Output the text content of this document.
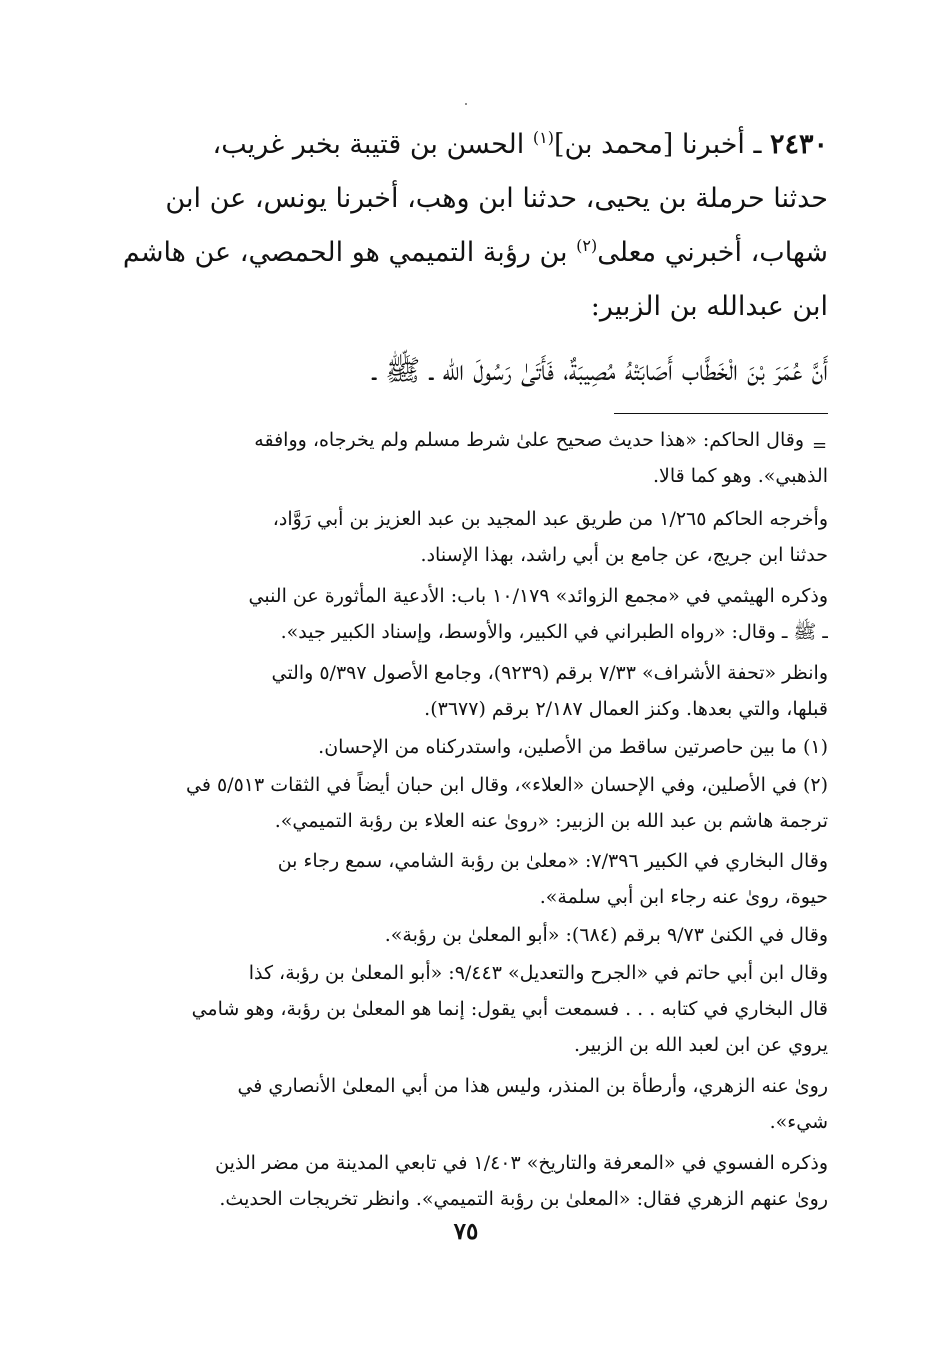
٢٤٣٠ ـ أخبرنا [محمد بن]$^{(١)}$ الحسن بن قتيبة بخبر غريب،
حدثنا حرملة بن يحيى، حدثنا ابن وهب، أخبرنا يونس، عن ابن
شهاب، أخبرني معلى$^{(٢)}$ بن رؤبة التميمي هو الحمصي، عن هاشم
ابن عبدالله بن الزبير:
أَنَّ عُمَرَ بْنَ الْخَطَّاب أَصَابَتْهُ مُصِيبَةٌ، فَأَتَىٰ رَسُولَ الله ـ ﷺ ـ
=
وقال الحاكم: «هذا حديث صحيح علىٰ شرط مسلم ولم يخرجاه، ووافقه
الذهبي». وهو كما قالا.
وأخرجه الحاكم ١/٢٦٥ من طريق عبد المجيد بن عبد العزيز بن أبي رَوَّاد،
حدثنا ابن جريج، عن جامع بن أبي راشد، بهذا الإسناد.
وذكره الهيثمي في «مجمع الزوائد» ١٠/١٧٩ باب: الأدعية المأثورة عن النبي
ـ ﷺ ـ وقال: «رواه الطبراني في الكبير، والأوسط، وإسناد الكبير جيد».
وانظر «تحفة الأشراف» ٧/٣٣ برقم (٩٢٣٩)، وجامع الأصول ٥/٣٩٧ والتي
قبلها، والتي بعدها. وكنز العمال ٢/١٨٧ برقم (٣٦٧٧).
(١) ما بين حاصرتين ساقط من الأصلين، واستدركناه من الإحسان.
(٢) في الأصلين، وفي الإحسان «العلاء»، وقال ابن حبان أيضاً في الثقات ٥/٥١٣ في
ترجمة هاشم بن عبد الله بن الزبير: «روىٰ عنه العلاء بن رؤبة التميمي».
وقال البخاري في الكبير ٧/٣٩٦: «معلىٰ بن رؤبة الشامي، سمع رجاء بن
حيوة، روىٰ عنه رجاء ابن أبي سلمة».
وقال في الكنىٰ ٩/٧٣ برقم (٦٨٤): «أبو المعلىٰ بن رؤبة».
وقال ابن أبي حاتم في «الجرح والتعديل» ٩/٤٤٣: «أبو المعلىٰ بن رؤبة، كذا
قال البخاري في كتابه . . . فسمعت أبي يقول: إنما هو المعلىٰ بن رؤبة، وهو شامي
يروي عن ابن لعبد الله بن الزبير.
روىٰ عنه الزهري، وأرطأة بن المنذر، وليس هذا من أبي المعلىٰ الأنصاري في
شيء».
وذكره الفسوي في «المعرفة والتاريخ» ١/٤٠٣ في تابعي المدينة من مضر الذين
روىٰ عنهم الزهري فقال: «المعلىٰ بن رؤبة التميمي». وانظر تخريجات الحديث.
٧٥
